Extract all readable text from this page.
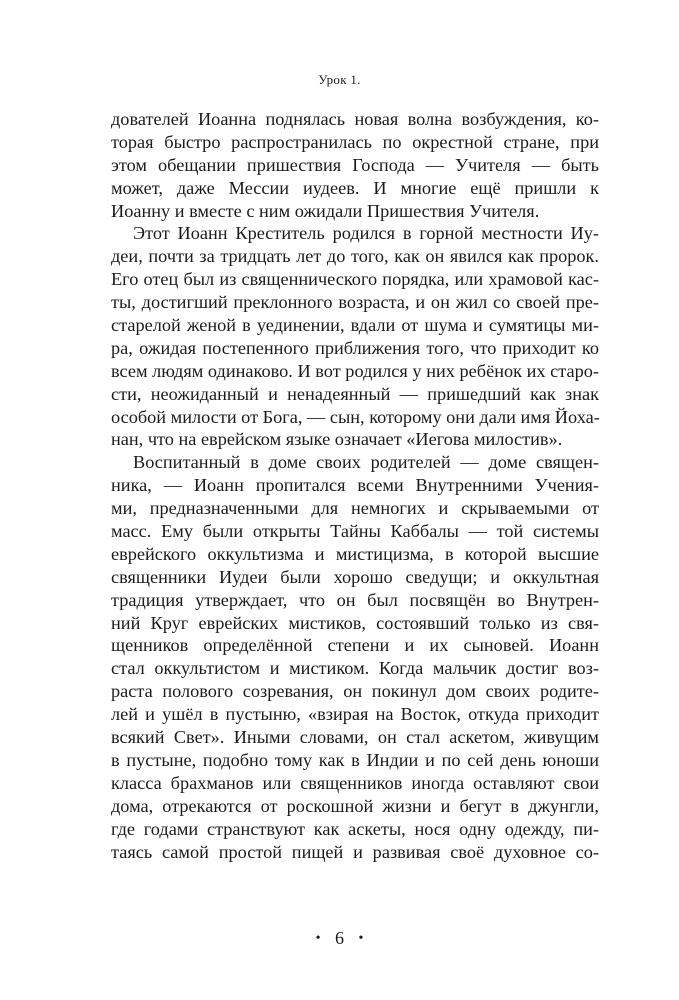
Урок 1.
дователей Иоанна поднялась новая волна возбуждения, ко-
торая быстро распространилась по окрестной стране, при
этом обещании пришествия Господа — Учителя — быть
может, даже Мессии иудеев. И многие ещё пришли к
Иоанну и вместе с ним ожидали Пришествия Учителя.
Этот Иоанн Креститель родился в горной местности Иу-
деи, почти за тридцать лет до того, как он явился как пророк.
Его отец был из священнического порядка, или храмовой кас-
ты, достигший преклонного возраста, и он жил со своей пре-
старелой женой в уединении, вдали от шума и сумятицы ми-
ра, ожидая постепенного приближения того, что приходит ко
всем людям одинаково. И вот родился у них ребёнок их старо-
сти, неожиданный и ненадеянный — пришедший как знак
особой милости от Бога, — сын, которому они дали имя Йоха-
нан, что на еврейском языке означает «Иегова милостив».
Воспитанный в доме своих родителей — доме священ-
ника, — Иоанн пропитался всеми Внутренними Учения-
ми, предназначенными для немногих и скрываемыми от
масс. Ему были открыты Тайны Каббалы — той системы
еврейского оккультизма и мистицизма, в которой высшие
священники Иудеи были хорошо сведущи; и оккультная
традиция утверждает, что он был посвящён во Внутрен-
ний Круг еврейских мистиков, состоявший только из свя-
щенников определённой степени и их сыновей. Иоанн
стал оккультистом и мистиком. Когда мальчик достиг воз-
раста полового созревания, он покинул дом своих родите-
лей и ушёл в пустыню, «взирая на Восток, откуда приходит
всякий Свет». Иными словами, он стал аскетом, живущим
в пустыне, подобно тому как в Индии и по сей день юноши
класса брахманов или священников иногда оставляют свои
дома, отрекаются от роскошной жизни и бегут в джунгли,
где годами странствуют как аскеты, нося одну одежду, пи-
таясь самой простой пищей и развивая своё духовное со-
• 6 •
